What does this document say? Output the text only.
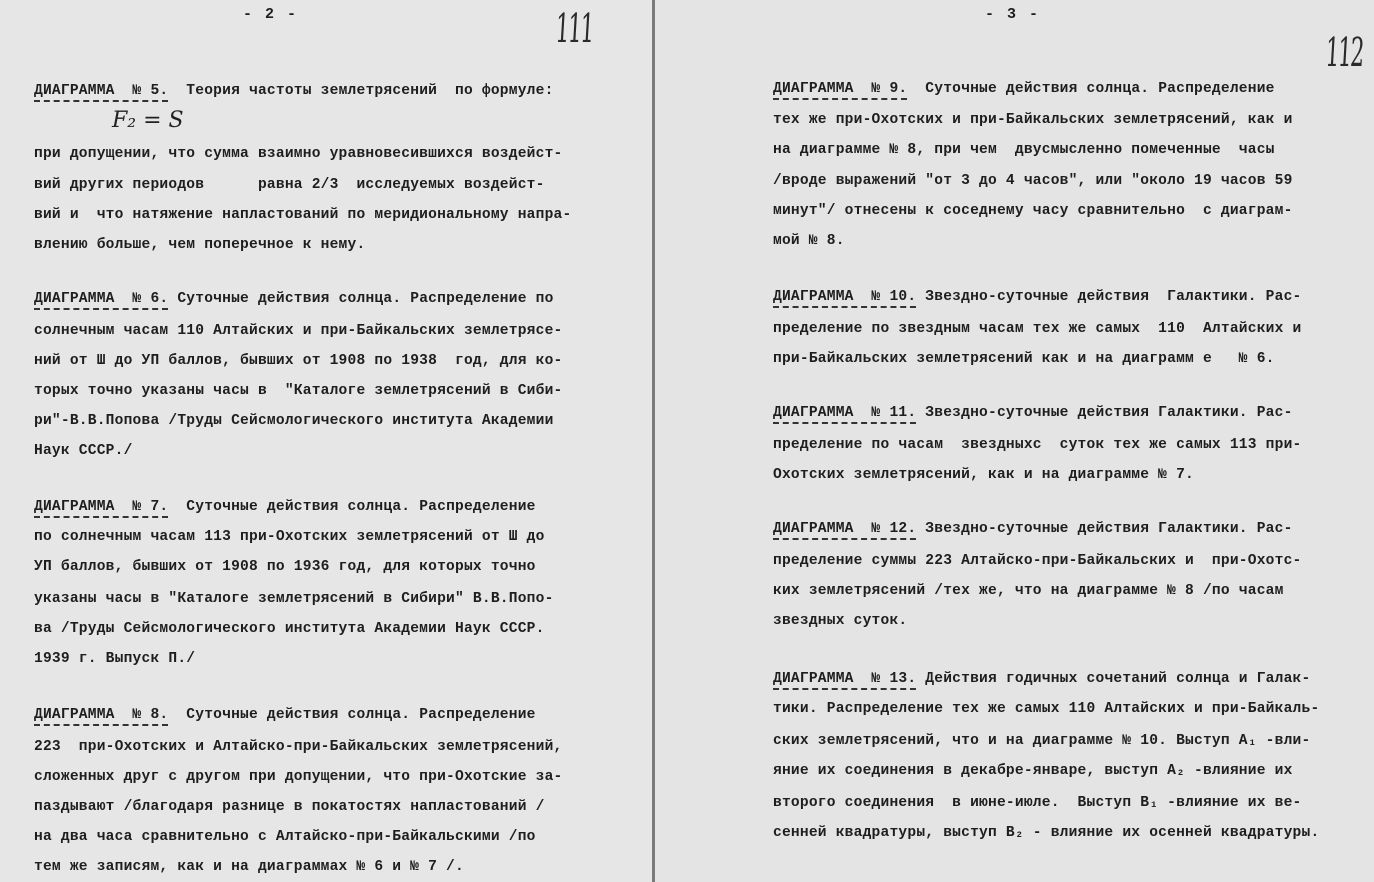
- 2 -	111
F₂ = S
ДИАГРАММА  № 5.  Теория частоты землетрясений  по формуле:
при допущении, что сумма взаимно уравновесившихся воздейст-
вий других периодов      равна 2/3  исследуемых воздейст-
вий и  что натяжение напластований по меридиональному напра-
влению больше, чем поперечное к нему.
ДИАГРАММА  № 6. Суточные действия солнца. Распределение по
солнечным часам 110 Алтайских и при-Байкальских землетрясе-
ний от Ш до УП баллов, бывших от 1908 по 1938  год, для ко-
торых точно указаны часы в  "Каталоге землетрясений в Сиби-
ри"-В.В.Попова /Труды Сейсмологического института Академии
Наук СССР./
ДИАГРАММА  № 7.  Суточные действия солнца. Распределение
по солнечным часам 113 при-Охотских землетрясений от Ш до
УП баллов, бывших от 1908 по 1936 год, для которых точно
указаны часы в "Каталоге землетрясений в Сибири" В.В.Попо-
ва /Труды Сейсмологического института Академии Наук СССР.
1939 г. Выпуск П./
ДИАГРАММА  № 8.  Суточные действия солнца. Распределение
223  при-Охотских и Алтайско-при-Байкальских землетрясений,
сложенных друг с другом при допущении, что при-Охотские за-
паздывают /благодаря разнице в покатостях напластований /
на два часа сравнительно с Алтайско-при-Байкальскими /по
тем же записям, как и на диаграммах № 6 и № 7 /.
- 3 -
112
ДИАГРАММА  № 9.  Суточные действия солнца. Распределение
тех же при-Охотских и при-Байкальских землетрясений, как и
на диаграмме № 8, при чем  двусмысленно помеченные  часы
/вроде выражений "от 3 до 4 часов", или "около 19 часов 59
минут"/ отнесены к соседнему часу сравнительно  с диаграм-
мой № 8.
ДИАГРАММА  № 10. Звездно-суточные действия  Галактики. Рас-
пределение по звездным часам тех же самых  110  Алтайских и
при-Байкальских землетрясений как и на диаграмм е   № 6.
ДИАГРАММА  № 11. Звездно-суточные действия Галактики. Рас-
пределение по часам  звездныхс  суток тех же самых 113 при-
Охотских землетрясений, как и на диаграмме № 7.
ДИАГРАММА  № 12. Звездно-суточные действия Галактики. Рас-
пределение суммы 223 Алтайско-при-Байкальских и  при-Охотс-
ких землетрясений /тех же, что на диаграмме № 8 /по часам
звездных суток.
ДИАГРАММА  № 13. Действия годичных сочетаний солнца и Галак-
тики. Распределение тех же самых 110 Алтайских и при-Байкаль-
ских землетрясений, что и на диаграмме № 10. Выступ A₁ -вли-
яние их соединения в декабре-январе, выступ A₂ -влияние их
второго соединения  в июне-июле.  Выступ B₁ -влияние их ве-
сенней квадратуры, выступ B₂ - влияние их осенней квадратуры.
